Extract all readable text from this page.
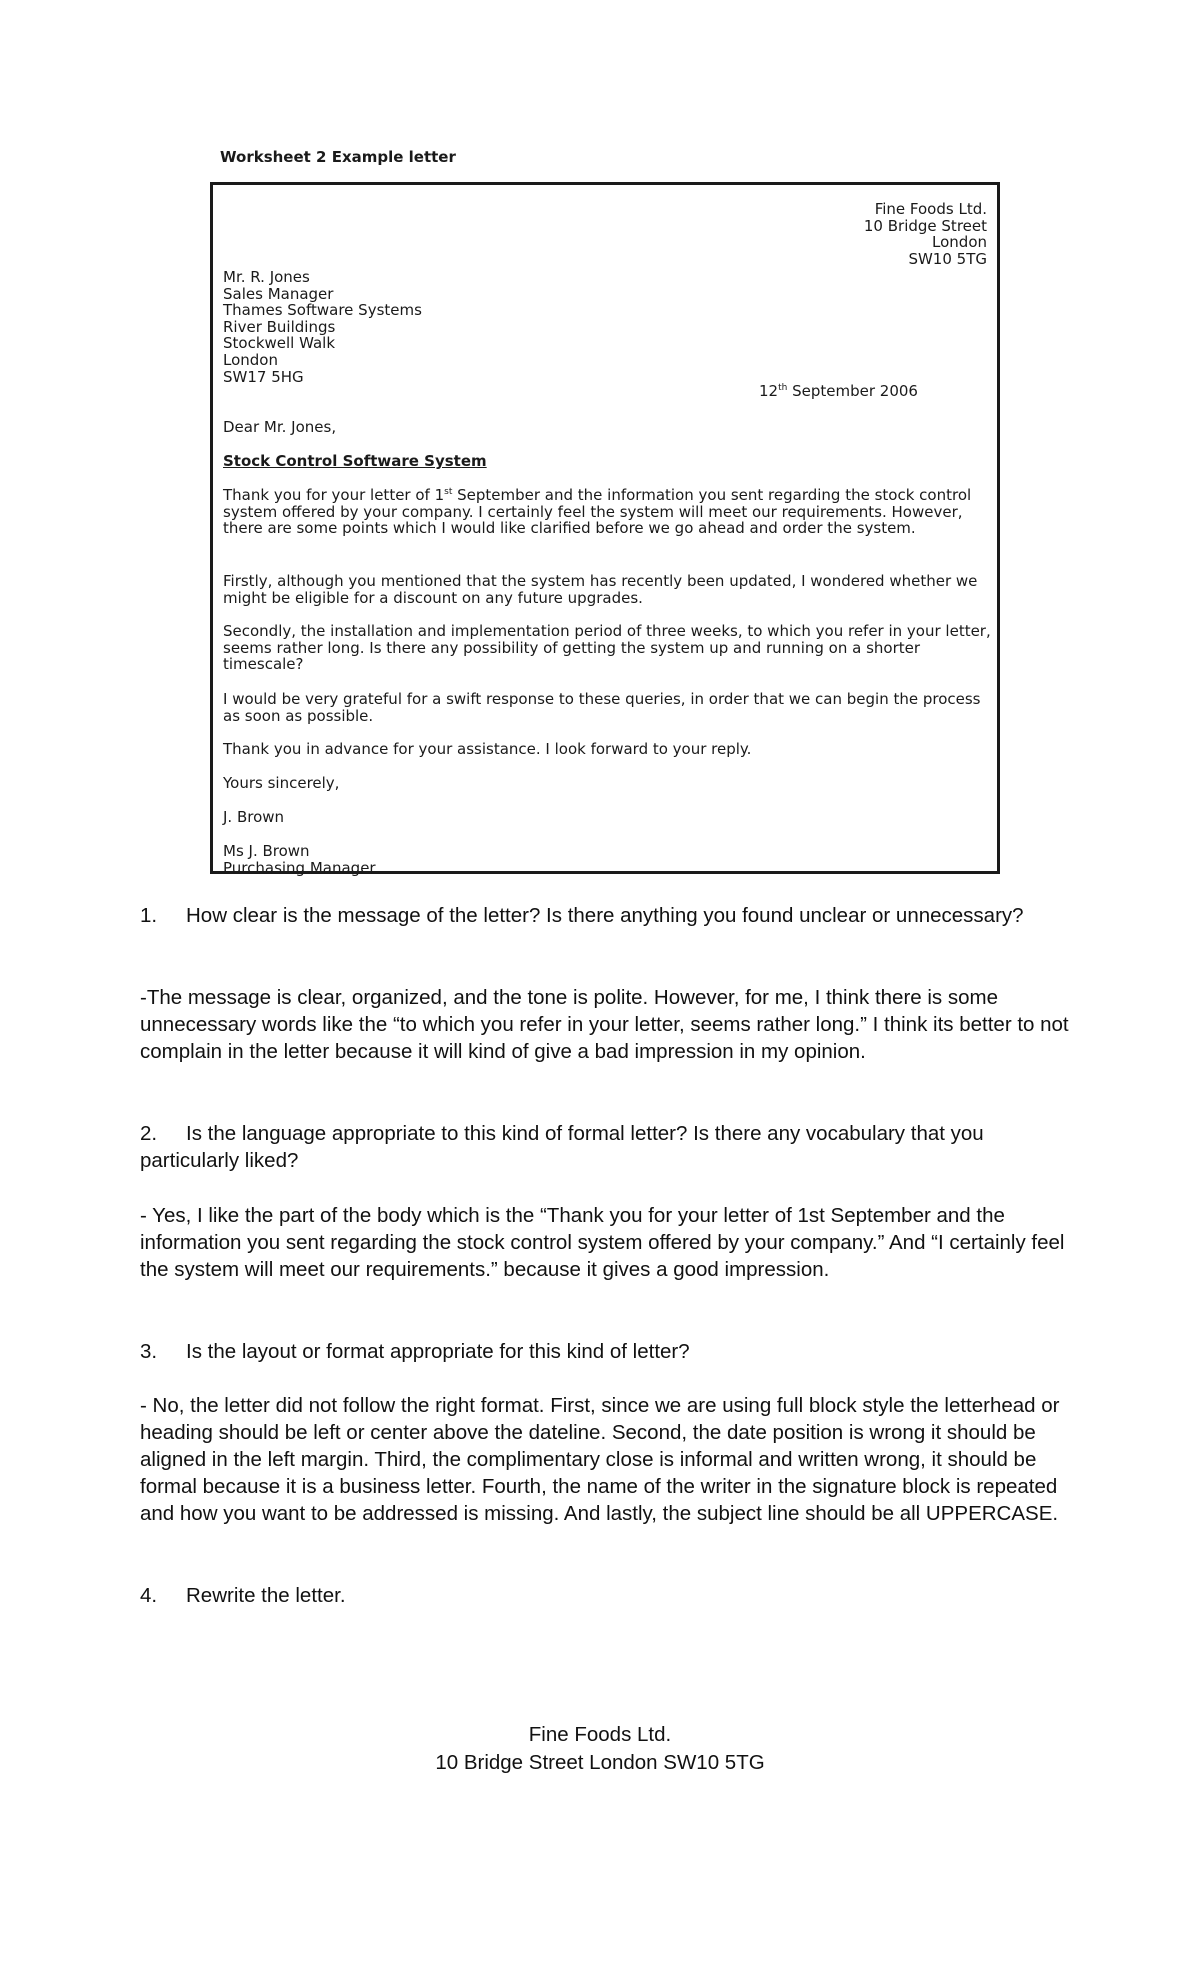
Worksheet 2 Example letter
Fine Foods Ltd.
10 Bridge Street
London
SW10 5TG
Mr. R. Jones
Sales Manager
Thames Software Systems
River Buildings
Stockwell Walk
London
SW17 5HG
12th September 2006
Dear Mr. Jones,
Stock Control Software System
Thank you for your letter of 1st September and the information you sent regarding the stock control system offered by your company. I certainly feel the system will meet our requirements. However, there are some points which I would like clarified before we go ahead and order the system.
Firstly, although you mentioned that the system has recently been updated, I wondered whether we might be eligible for a discount on any future upgrades.
Secondly, the installation and implementation period of three weeks, to which you refer in your letter, seems rather long. Is there any possibility of getting the system up and running on a shorter timescale?
I would be very grateful for a swift response to these queries, in order that we can begin the process as soon as possible.
Thank you in advance for your assistance. I look forward to your reply.
Yours sincerely,
J. Brown
Ms J. Brown
Purchasing Manager
1. How clear is the message of the letter? Is there anything you found unclear or unnecessary?
-The message is clear, organized, and the tone is polite. However, for me, I think there is some unnecessary words like the “to which you refer in your letter, seems rather long.” I think its better to not complain in the letter because it will kind of give a bad impression in my opinion.
2. Is the language appropriate to this kind of formal letter? Is there any vocabulary that you particularly liked?
- Yes, I like the part of the body which is the “Thank you for your letter of 1st September and the information you sent regarding the stock control system offered by your company.” And “I certainly feel the system will meet our requirements.” because it gives a good impression.
3. Is the layout or format appropriate for this kind of letter?
- No, the letter did not follow the right format. First, since we are using full block style the letterhead or heading should be left or center above the dateline. Second, the date position is wrong it should be aligned in the left margin. Third, the complimentary close is informal and written wrong, it should be formal because it is a business letter. Fourth, the name of the writer in the signature block is repeated and how you want to be addressed is missing. And lastly, the subject line should be all UPPERCASE.
4. Rewrite the letter.
Fine Foods Ltd.
10 Bridge Street London SW10 5TG
